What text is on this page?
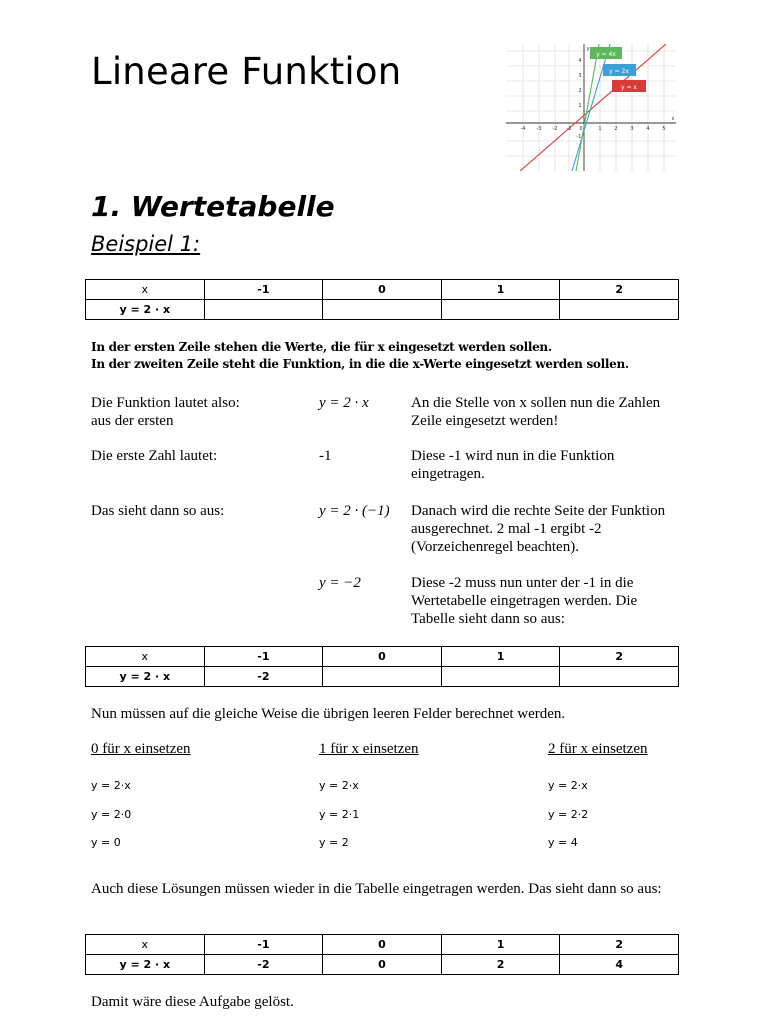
Lineare Funktion	y = 4x
y = 2x
y = x
-4 -3 -2 -1 0	1	2	3	4	5
4
3
2
1
-1
x
y
1. Wertetabelle
Beispiel 1:
x	-1	0	1	2
y = 2 · x				
In der ersten Zeile stehen die Werte, die für x eingesetzt werden sollen.
In der zweiten Zeile steht die Funktion, in die die x-Werte eingesetzt werden sollen.
Die Funktion lautet also: aus der ersten
y = 2 · x	An die Stelle von x sollen nun die Zahlen Zeile eingesetzt werden!
Die erste Zahl lautet:	-1	Diese -1 wird nun in die Funktion eingetragen.
Das sieht dann so aus:	y = 2 · (−1) Danach wird die rechte Seite der Funktion ausgerechnet. 2 mal -1 ergibt -2 (Vorzeichenregel beachten).
y = −2	Diese -2 muss nun unter der -1 in die Wertetabelle eingetragen werden. Die Tabelle sieht dann so aus:
x	-1	0	1	2
y = 2 · x	-2			
Nun müssen auf die gleiche Weise die übrigen leeren Felder berechnet werden.
0 für x einsetzen
y = 2·x
y = 2·0
y = 0
1 für x einsetzen
y = 2·x
y = 2·1
y = 2
2 für x einsetzen
y = 2·x
y = 2·2
y = 4
Auch diese Lösungen müssen wieder in die Tabelle eingetragen werden. Das sieht dann so aus:
x	-1	0	1	2
y = 2 · x	-2	0	2	4
Damit wäre diese Aufgabe gelöst.
